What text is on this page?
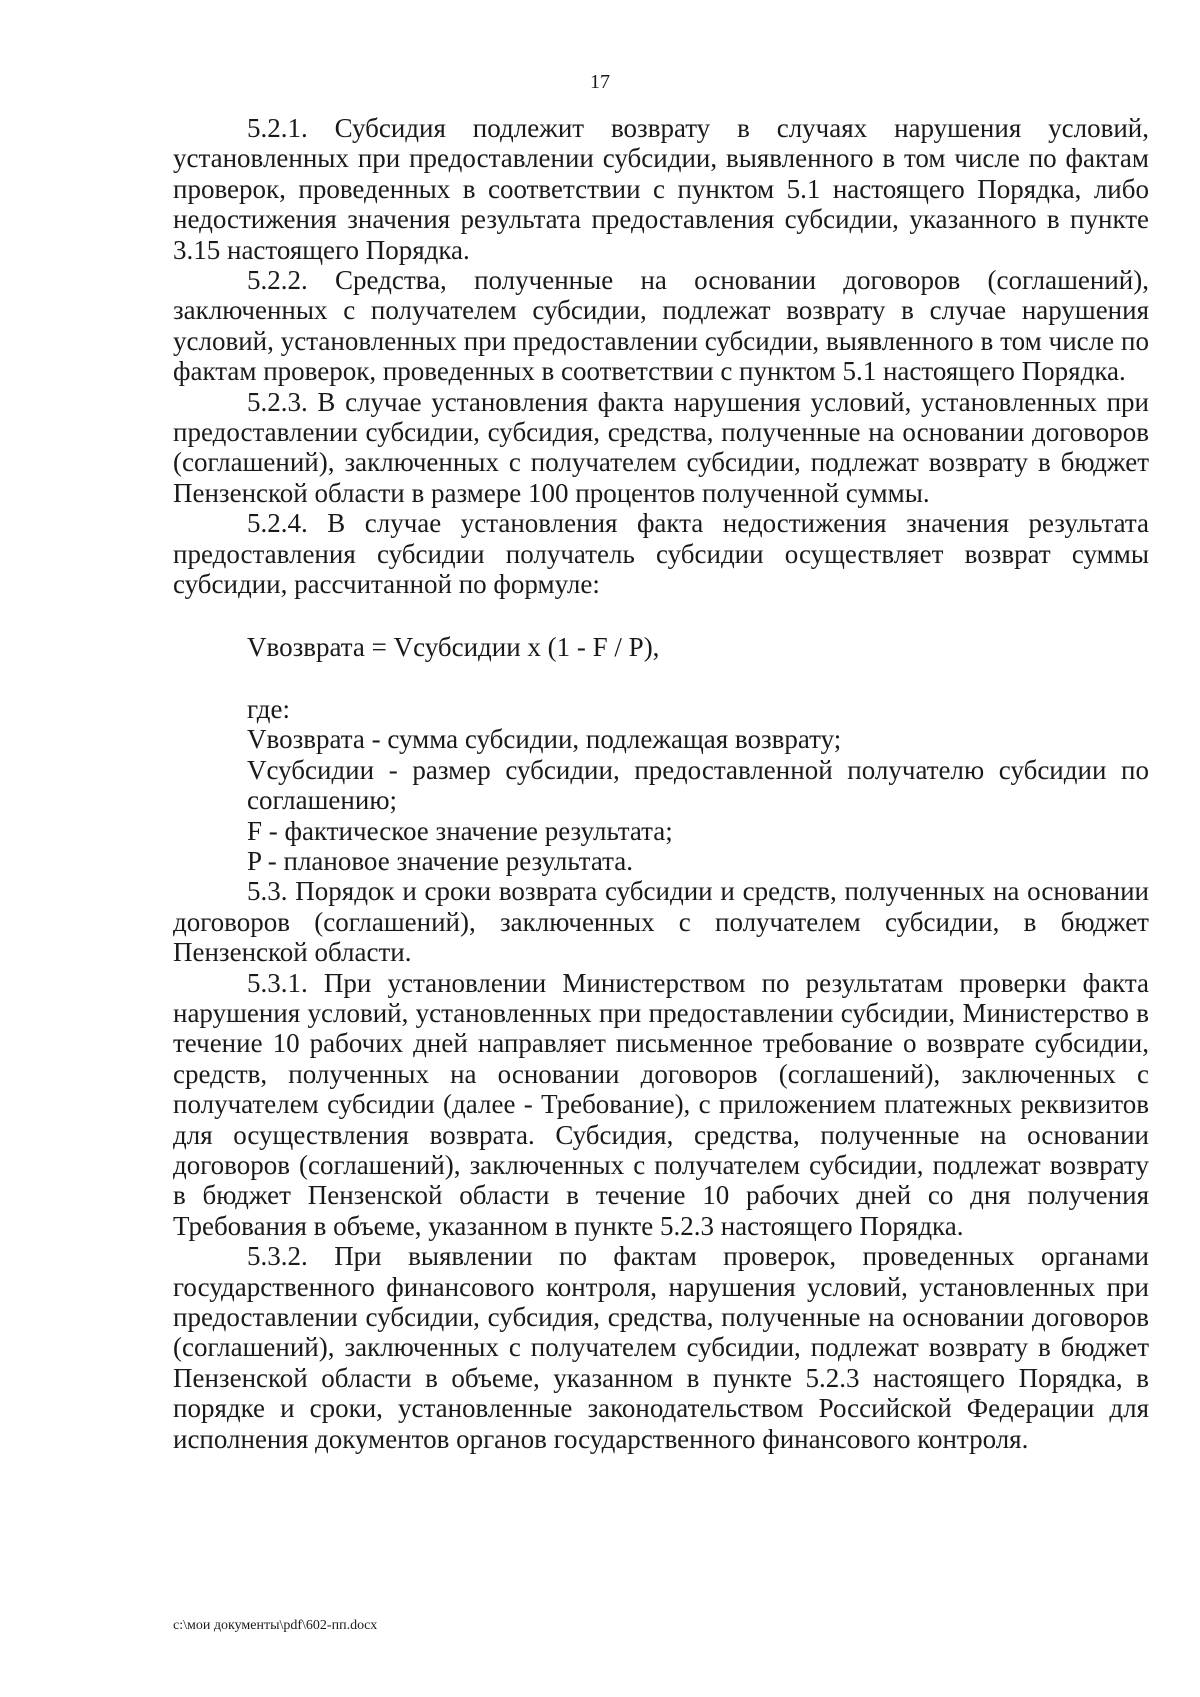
17

5.2.1. Субсидия подлежит возврату в случаях нарушения условий, установленных при предоставлении субсидии, выявленного в том числе по фактам проверок, проведенных в соответствии с пунктом 5.1 настоящего Порядка, либо недостижения значения результата предоставления субсидии, указанного в пункте 3.15 настоящего Порядка.

5.2.2. Средства, полученные на основании договоров (соглашений), заключенных с получателем субсидии, подлежат возврату в случае нарушения условий, установленных при предоставлении субсидии, выявленного в том числе по фактам проверок, проведенных в соответствии с пунктом 5.1 настоящего Порядка.

5.2.3. В случае установления факта нарушения условий, установленных при предоставлении субсидии, субсидия, средства, полученные на основании договоров (соглашений), заключенных с получателем субсидии, подлежат возврату в бюджет Пензенской области в размере 100 процентов полученной суммы.

5.2.4. В случае установления факта недостижения значения результата предоставления субсидии получатель субсидии осуществляет возврат суммы субсидии, рассчитанной по формуле:

Vвозврата = Vсубсидии x (1 - F / P),

где:

Vвозврата - сумма субсидии, подлежащая возврату;

Vсубсидии - размер субсидии, предоставленной получателю субсидии по соглашению;

F - фактическое значение результата;

P - плановое значение результата.

5.3. Порядок и сроки возврата субсидии и средств, полученных на основании договоров (соглашений), заключенных с получателем субсидии, в бюджет Пензенской области.

5.3.1. При установлении Министерством по результатам проверки факта нарушения условий, установленных при предоставлении субсидии, Министерство в течение 10 рабочих дней направляет письменное требование о возврате субсидии, средств, полученных на основании договоров (соглашений), заключенных с получателем субсидии (далее - Требование), с приложением платежных реквизитов для осуществления возврата. Субсидия, средства, полученные на основании договоров (соглашений), заключенных с получателем субсидии, подлежат возврату в бюджет Пензенской области в течение 10 рабочих дней со дня получения Требования в объеме, указанном в пункте 5.2.3 настоящего Порядка.

5.3.2. При выявлении по фактам проверок, проведенных органами государственного финансового контроля, нарушения условий, установленных при предоставлении субсидии, субсидия, средства, полученные на основании договоров (соглашений), заключенных с получателем субсидии, подлежат возврату в бюджет Пензенской области в объеме, указанном в пункте 5.2.3 настоящего Порядка, в порядке и сроки, установленные законодательством Российской Федерации для исполнения документов органов государственного финансового контроля.

c:\мои документы\pdf\602-пп.docx
